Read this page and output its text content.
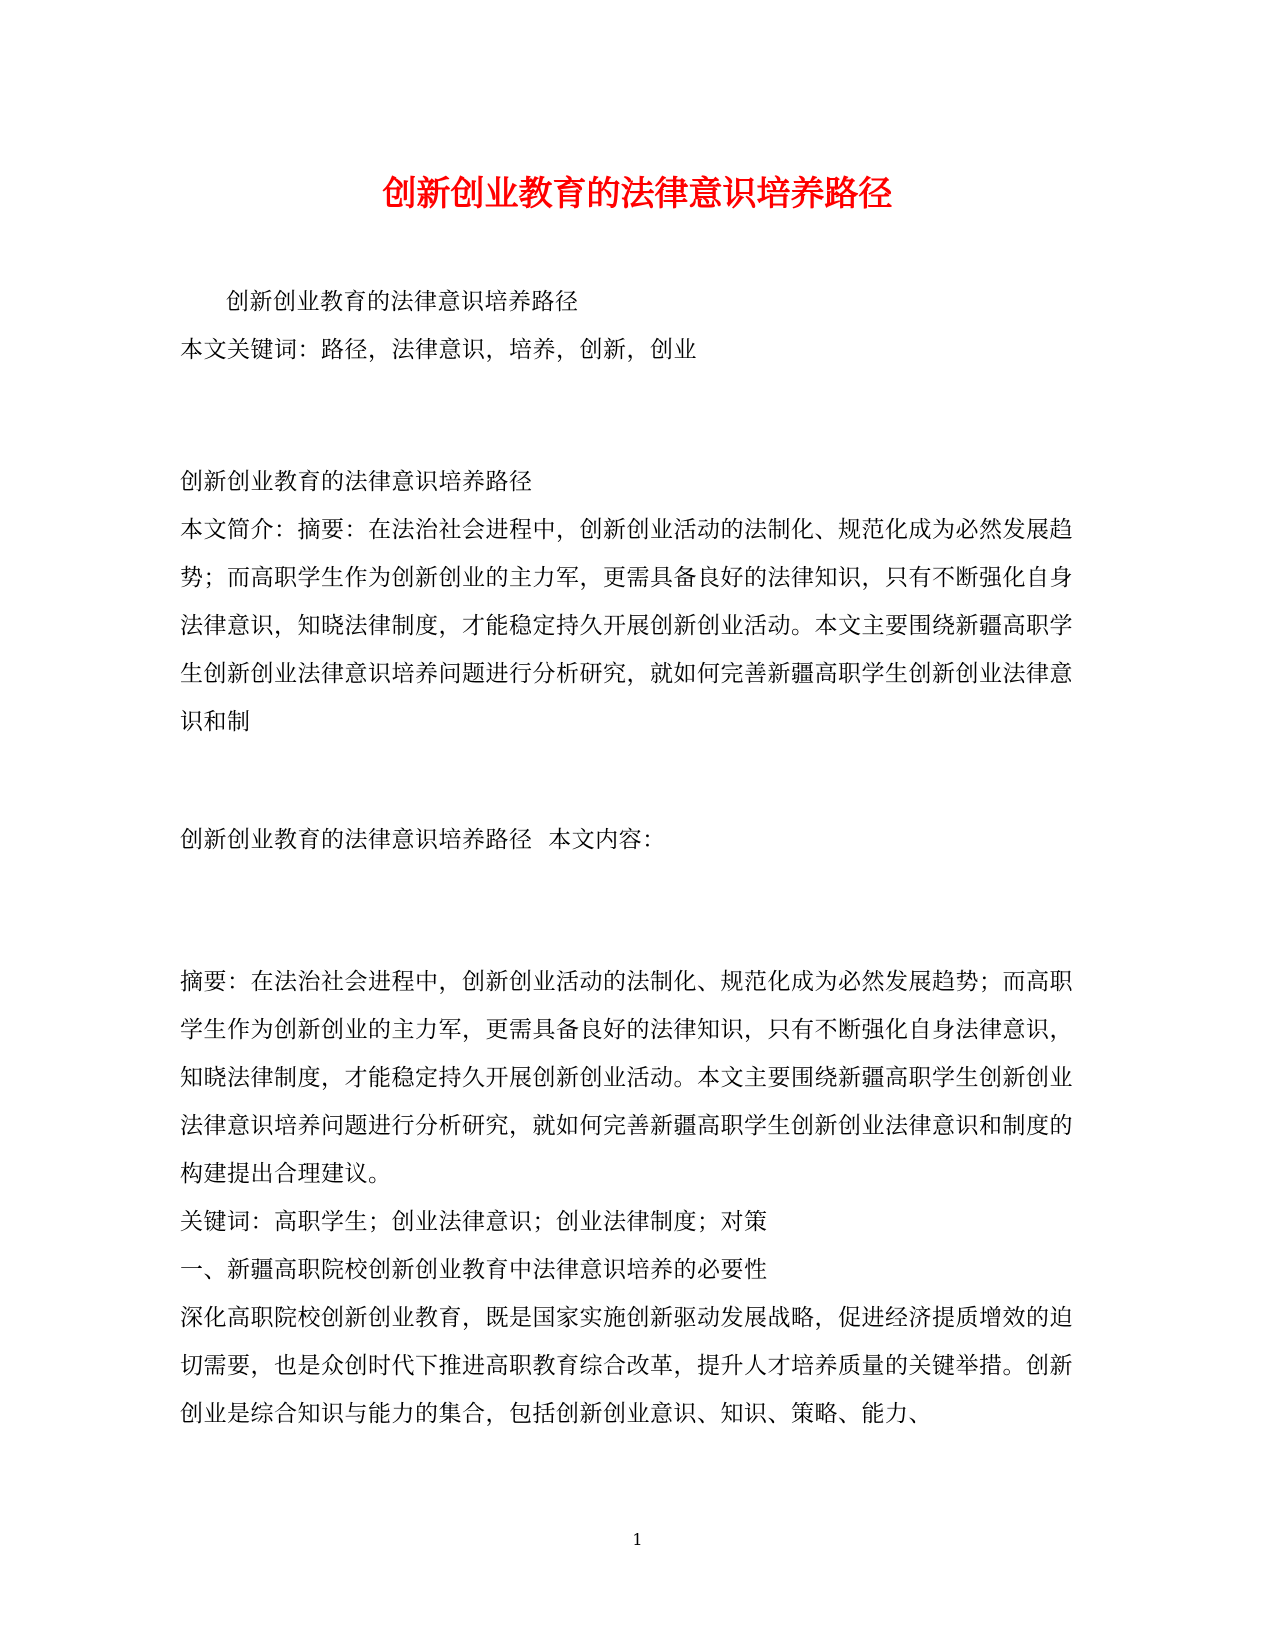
创新创业教育的法律意识培养路径

创新创业教育的法律意识培养路径

本文关键词：路径，法律意识，培养，创新，创业

创新创业教育的法律意识培养路径

本文简介：摘要：在法治社会进程中，创新创业活动的法制化、规范化成为必然发展趋势；而高职学生作为创新创业的主力军，更需具备良好的法律知识，只有不断强化自身法律意识，知晓法律制度，才能稳定持久开展创新创业活动。本文主要围绕新疆高职学生创新创业法律意识培养问题进行分析研究，就如何完善新疆高职学生创新创业法律意识和制

创新创业教育的法律意识培养路径  本文内容：

摘要：在法治社会进程中，创新创业活动的法制化、规范化成为必然发展趋势；而高职学生作为创新创业的主力军，更需具备良好的法律知识，只有不断强化自身法律意识，知晓法律制度，才能稳定持久开展创新创业活动。本文主要围绕新疆高职学生创新创业法律意识培养问题进行分析研究，就如何完善新疆高职学生创新创业法律意识和制度的构建提出合理建议。

关键词：高职学生；创业法律意识；创业法律制度；对策

一、新疆高职院校创新创业教育中法律意识培养的必要性

深化高职院校创新创业教育，既是国家实施创新驱动发展战略，促进经济提质增效的迫切需要，也是众创时代下推进高职教育综合改革，提升人才培养质量的关键举措。创新创业是综合知识与能力的集合，包括创新创业意识、知识、策略、能力、

1
